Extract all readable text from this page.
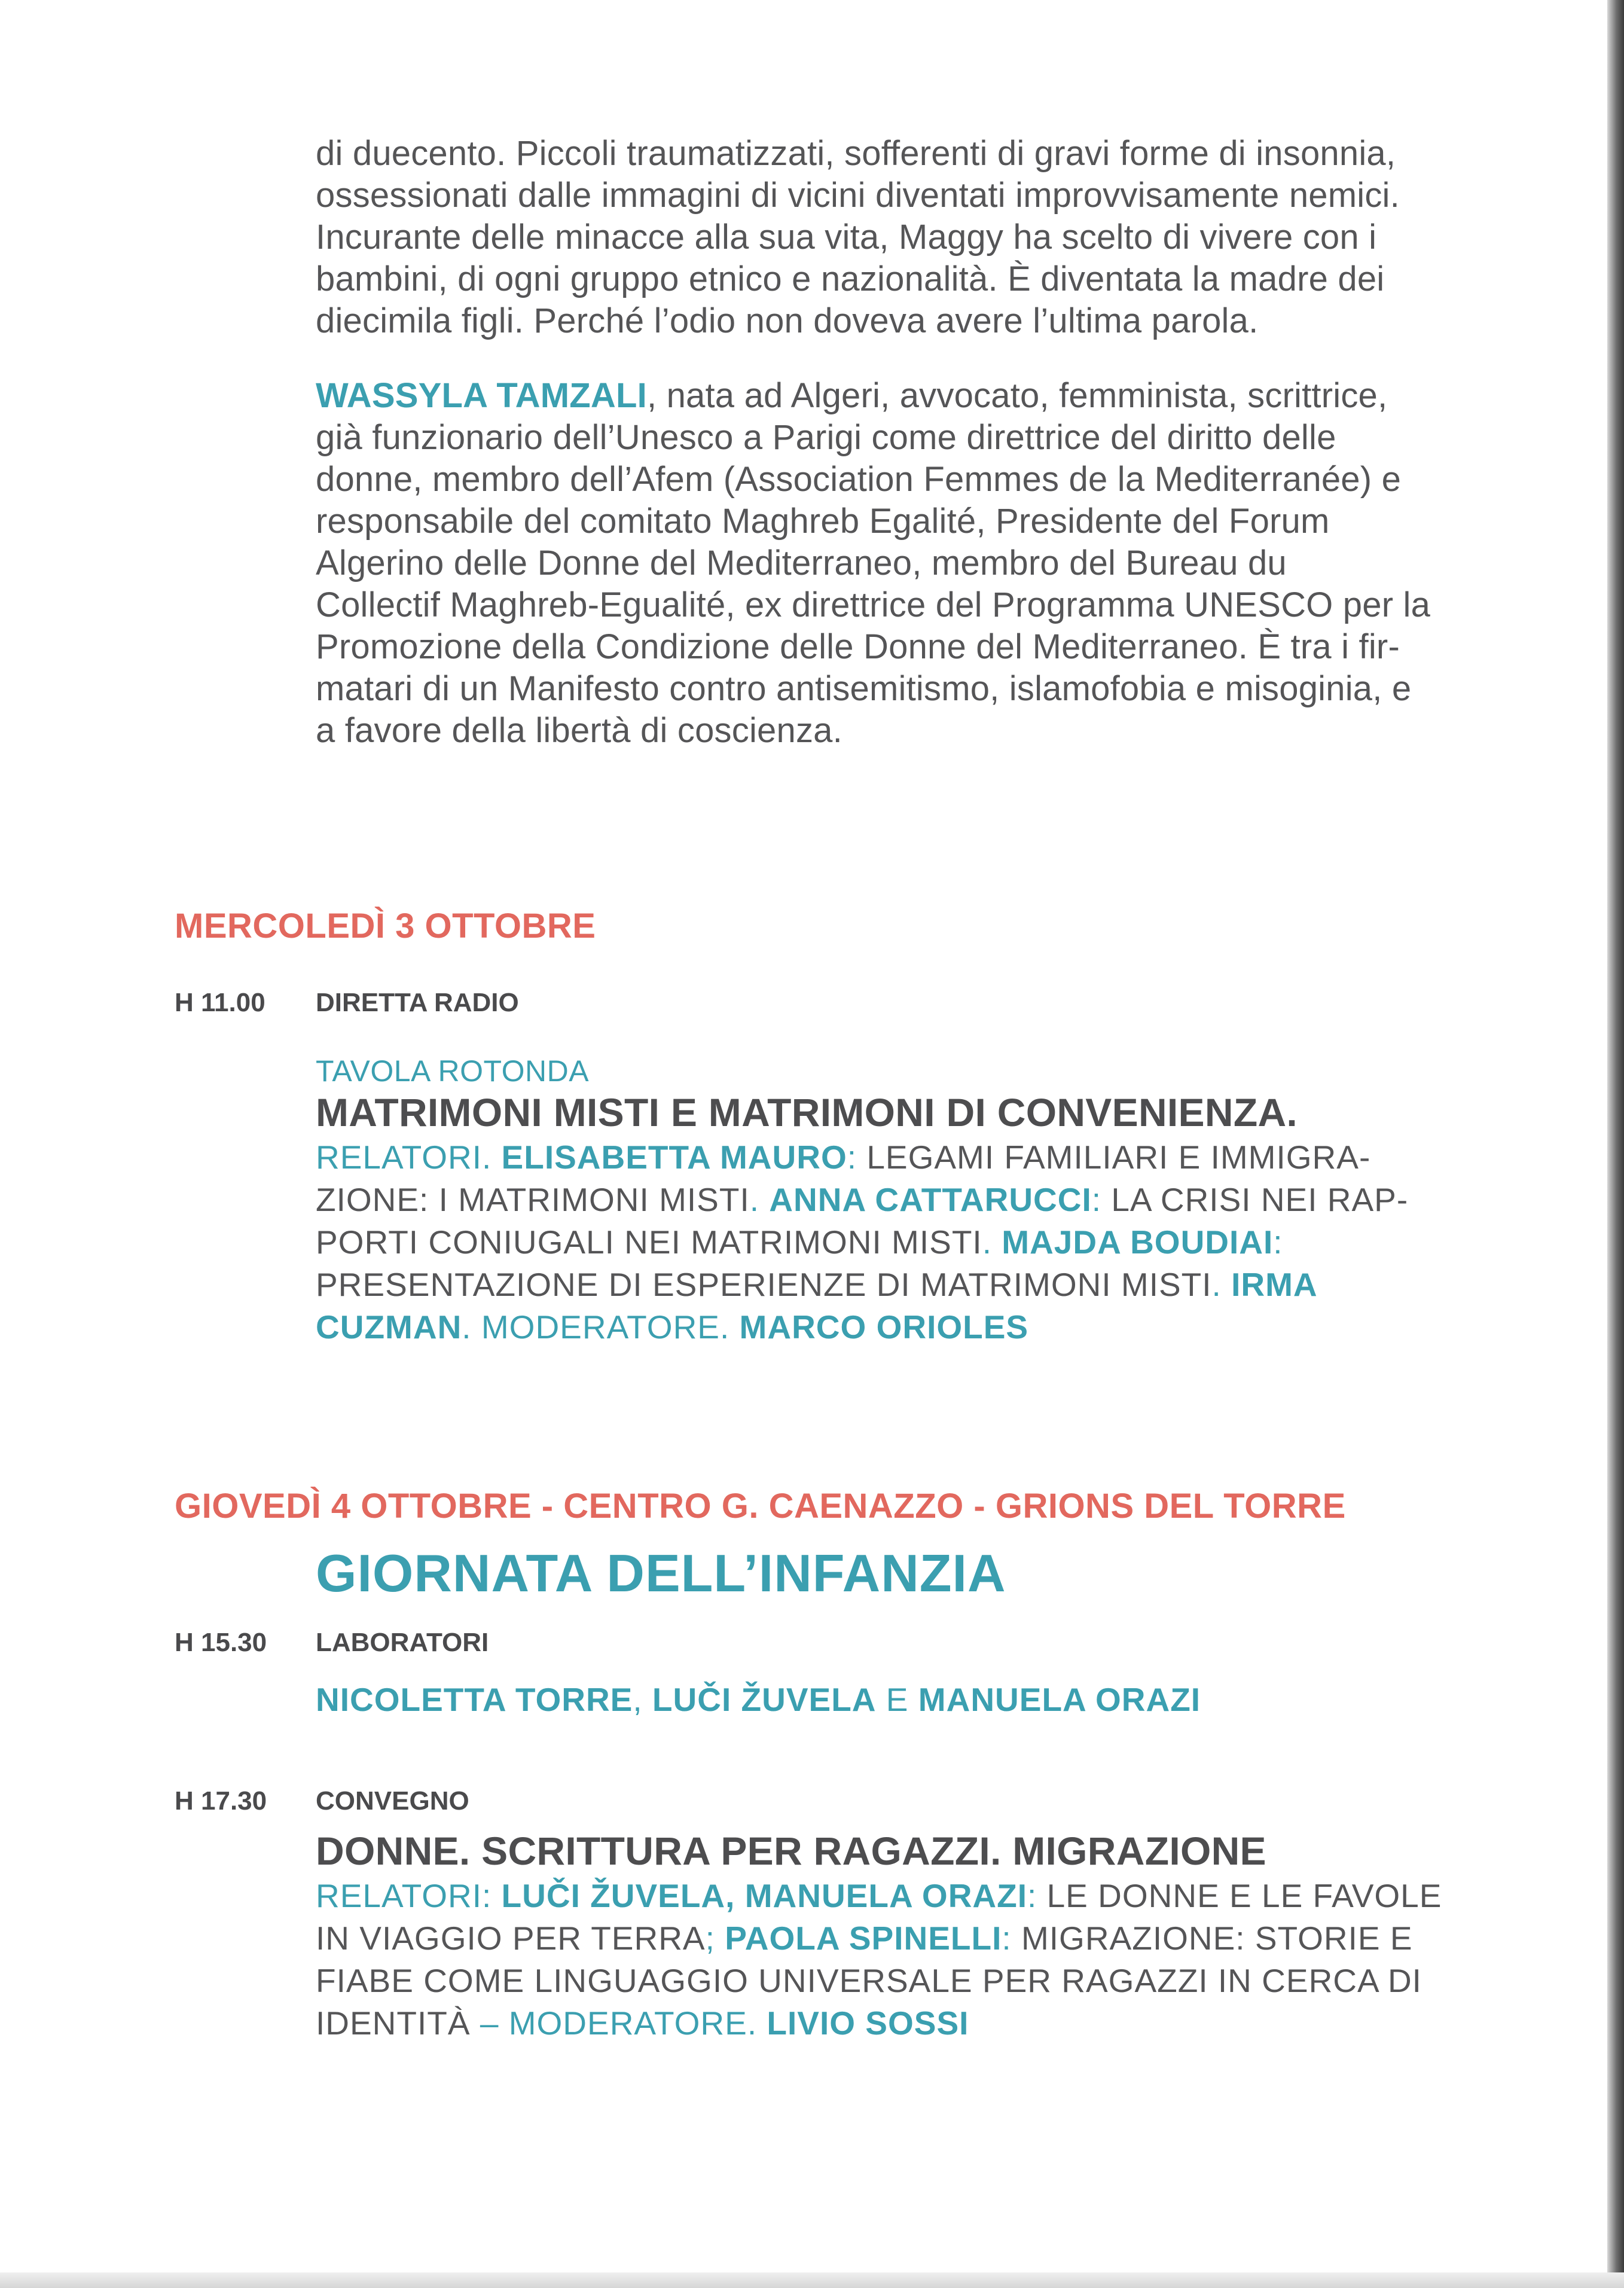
di duecento. Piccoli traumatizzati, sofferenti di gravi forme di insonnia,
ossessionati dalle immagini di vicini diventati improvvisamente nemici.
Incurante delle minacce alla sua vita, Maggy ha scelto di vivere con i
bambini, di ogni gruppo etnico e nazionalità. È diventata la madre dei
diecimila figli. Perché l’odio non doveva avere l’ultima parola.

WASSYLA TAMZALI, nata ad Algeri, avvocato, femminista, scrittrice,
già funzionario dell’Unesco a Parigi come direttrice del diritto delle
donne, membro dell’Afem (Association Femmes de la Mediterranée) e
responsabile del comitato Maghreb Egalité, Presidente del Forum
Algerino delle Donne del Mediterraneo, membro del Bureau du
Collectif Maghreb-Egualité, ex direttrice del Programma UNESCO per la
Promozione della Condizione delle Donne del Mediterraneo. È tra i fir-
matari di un Manifesto contro antisemitismo, islamofobia e misoginia, e
a favore della libertà di coscienza.

MERCOLEDÌ 3 OTTOBRE
H 11.00 DIRETTA RADIO
TAVOLA ROTONDA
MATRIMONI MISTI E MATRIMONI DI CONVENIENZA.

RELATORI. ELISABETTA MAURO: LEGAMI FAMILIARI E IMMIGRA-
ZIONE: I MATRIMONI MISTI. ANNA CATTARUCCI: LA CRISI NEI RAP-
PORTI CONIUGALI NEI MATRIMONI MISTI. MAJDA BOUDIAI:
PRESENTAZIONE DI ESPERIENZE DI MATRIMONI MISTI. IRMA
CUZMAN. MODERATORE. MARCO ORIOLES

GIOVEDÌ 4 OTTOBRE - CENTRO G. CAENAZZO - GRIONS DEL TORRE
GIORNATA DELL’INFANZIA
H 15.30 LABORATORI
NICOLETTA TORRE, LUČI ŽUVELA E MANUELA ORAZI
H 17.30 CONVEGNO
DONNE. SCRITTURA PER RAGAZZI. MIGRAZIONE

RELATORI: LUČI ŽUVELA, MANUELA ORAZI: LE DONNE E LE FAVOLE
IN VIAGGIO PER TERRA; PAOLA SPINELLI: MIGRAZIONE: STORIE E
FIABE COME LINGUAGGIO UNIVERSALE PER RAGAZZI IN CERCA DI
IDENTITÀ – MODERATORE. LIVIO SOSSI
